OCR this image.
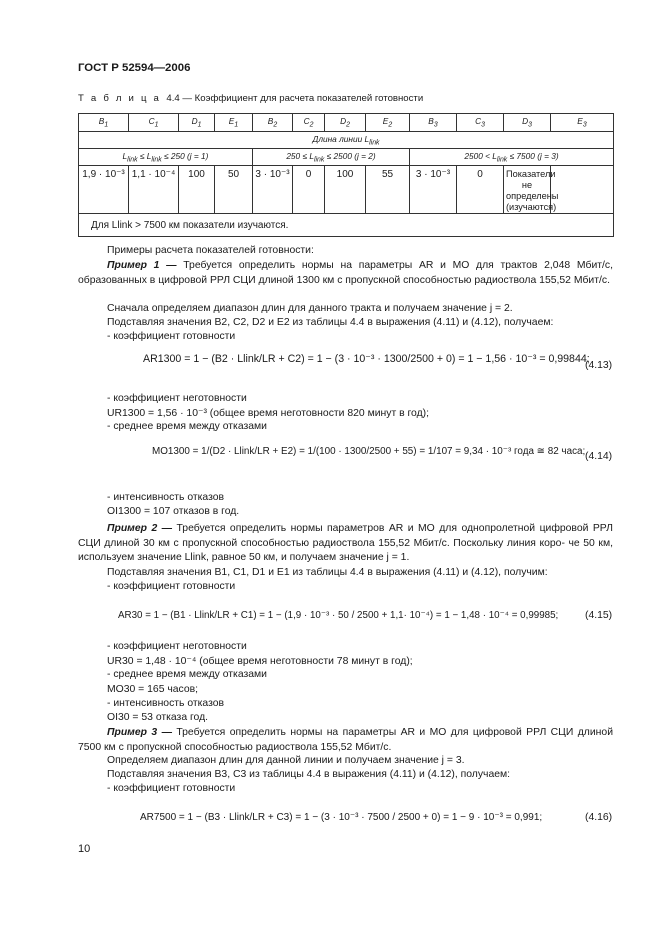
ГОСТ Р 52594—2006
Т а б л и ц а 4.4 — Коэффициент для расчета показателей готовности
$B_1$	$C_1$	$D_1$	$E_1$	$B_2$	$C_2$	$D_2$	$E_2$	$B_3$	$C_3$	$D_3$	$E_3$
Длина линии $L_{link}$
$L_{link} \le L_{link} \le 250$ (j = 1)				$250 \le L_{link} \le 2500$ (j = 2)				$2500 < L_{link} \le 7500$ (j = 3)			
1,9 · 10⁻³	1,1 · 10⁻⁴	100	50	3 · 10⁻³	0	100	55	3 · 10⁻³	0	Показатели не определены (изучаются)	
Для Llink > 7500 км показатели изучаются.											
Примеры расчета показателей готовности:

Пример 1 — Требуется определить нормы на параметры AR и MO для трактов 2,048 Мбит/с, образованных в цифровой РРЛ СЦИ длиной 1300 км с пропускной способностью радиоствола 155,52 Мбит/с.

Сначала определяем диапазон длин для данного тракта и получаем значение j = 2.
Подставляя значения B2, C2, D2 и E2 из таблицы 4.4 в выражения (4.11) и (4.12), получаем:
- коэффициент готовности
AR1300 = 1 − (B2 · Llink/LR + C2) = 1 − (3 · 10⁻³ · 1300/2500 + 0) = 1 − 1,56 · 10⁻³ = 0,99844;
(4.13)
- коэффициент неготовности
UR1300 = 1,56 · 10⁻³ (общее время неготовности 820 минут в год);
- среднее время между отказами
MO1300 = 1/(D2 · Llink/LR + E2) = 1/(100 · 1300/2500 + 55) = 1/107 = 9,34 · 10⁻³ года ≅ 82 часа; (4.14)
- интенсивность отказов
OI1300 = 107 отказов в год.

Пример 2 — Требуется определить нормы параметров AR и MO для однопролетной цифровой РРЛ СЦИ длиной 30 км с пропускной способностью радиоствола 155,52 Мбит/с. Поскольку линия коро- че 50 км, используем значение Llink, равное 50 км, и получаем значение j = 1.

Подставляя значения B1, C1, D1 и E1 из таблицы 4.4 в выражения (4.11) и (4.12), получим:
- коэффициент готовности
AR30 = 1 − (B1 · Llink/LR + C1) = 1 − (1,9 · 10⁻³ · 50 / 2500 + 1,1· 10⁻⁴) = 1 − 1,48 · 10⁻⁴ = 0,99985;	(4.15)
- коэффициент неготовности
UR30 = 1,48 · 10⁻⁴ (общее время неготовности 78 минут в год);
- среднее время между отказами
MO30 = 165 часов;
- интенсивность отказов
OI30 = 53 отказа год.

Пример 3 — Требуется определить нормы на параметры AR и MO для цифровой РРЛ СЦИ длиной 7500 км с пропускной способностью радиоствола 155,52 Мбит/с.

Определяем диапазон длин для данной линии и получаем значение j = 3.
Подставляя значения B3, C3 из таблицы 4.4 в выражения (4.11) и (4.12), получаем:
- коэффициент готовности
AR7500 = 1 − (B3 · Llink/LR + C3) = 1 − (3 · 10⁻³ · 7500 / 2500 + 0) = 1 − 9 · 10⁻³ = 0,991;	(4.16)
10
